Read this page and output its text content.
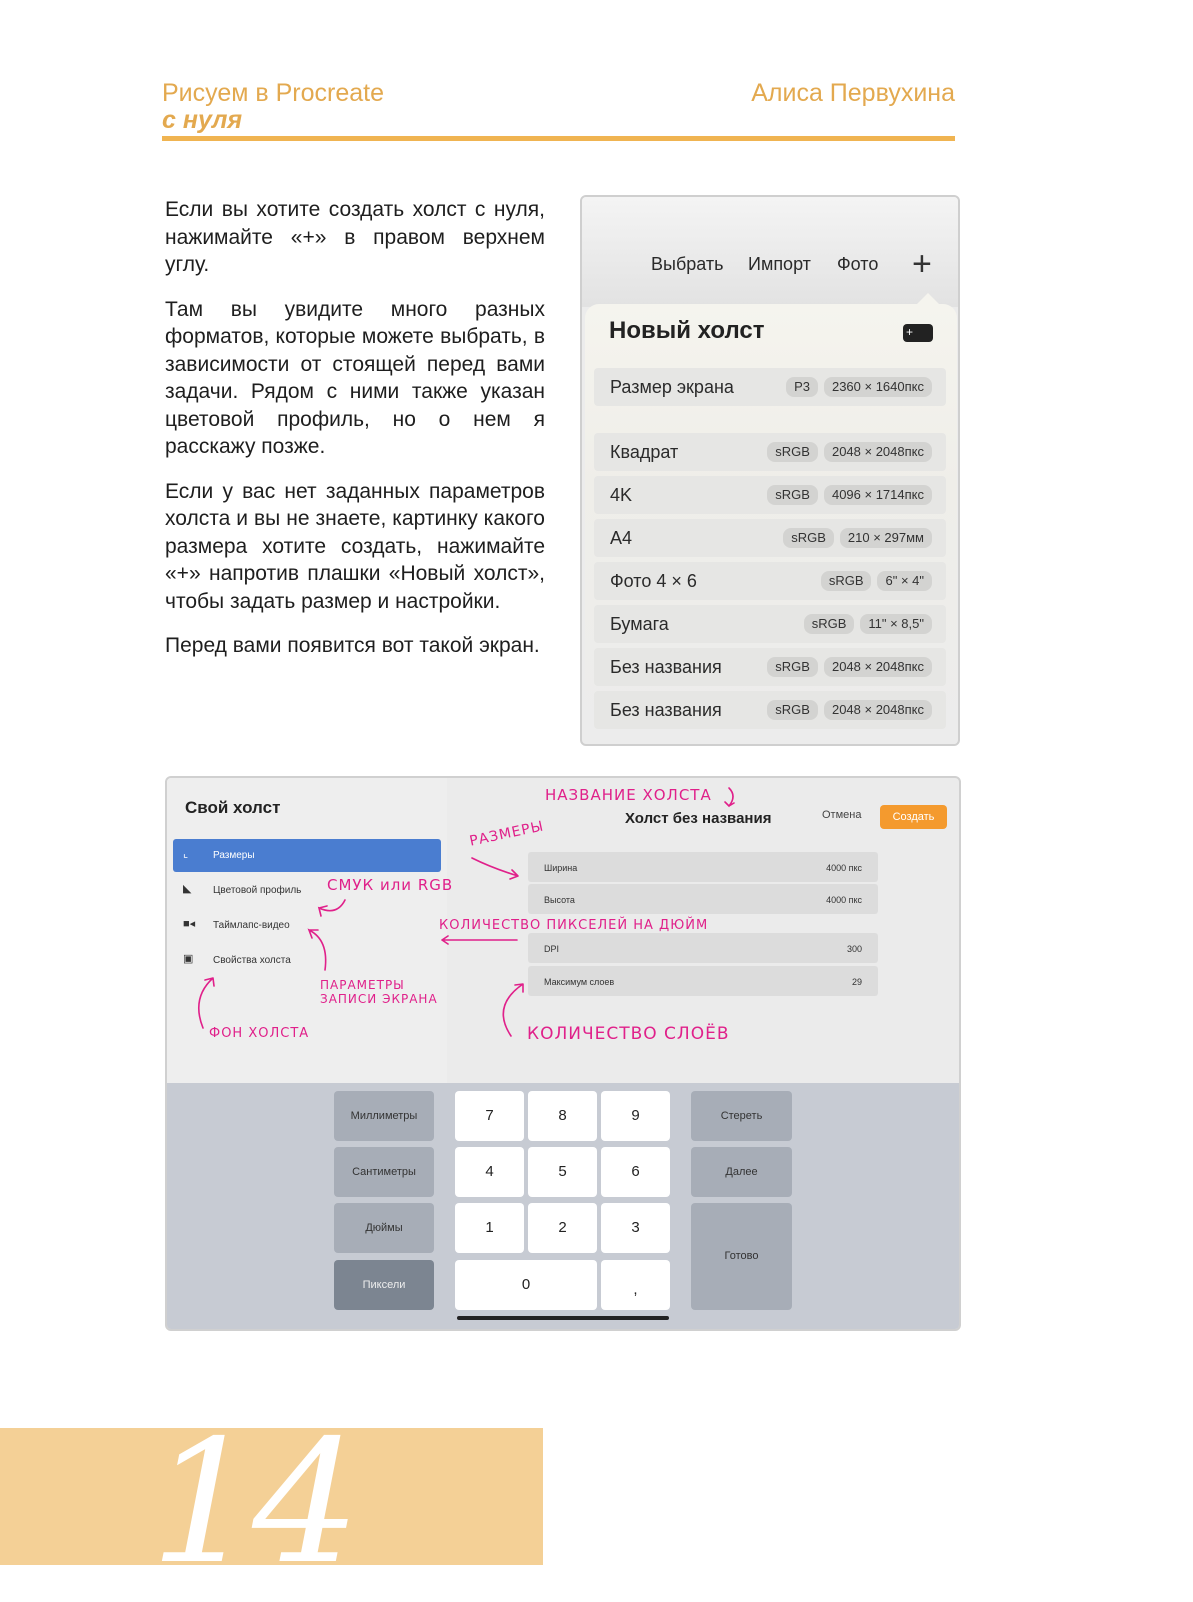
Рисуем в Procreate
с нуля
Алиса Первухина

Если вы хотите создать холст с нуля, нажимайте «+» в правом верхнем углу.

Там вы увидите много разных форматов, которые можете выбрать, в зависимости от стоящей перед вами задачи. Рядом с ними также указан цветовой профиль, но о нем я расскажу позже.

Если у вас нет заданных параметров холста и вы не знаете, картинку какого размера хотите создать, нажимайте «+» напротив плашки «Новый холст», чтобы задать размер и настройки.

Перед вами появится вот такой экран.

Выбрать Импорт Фото +
Новый холст	+
Размер экрана	P3	2360 × 1640пкс
Квадрат	sRGB	2048 × 2048пкс
4K	sRGB	4096 × 1714пкс
A4	sRGB	210 × 297мм
Фото 4 × 6	sRGB	6" × 4"
Бумага	sRGB	11" × 8,5"
Без названия	sRGB	2048 × 2048пкс
Без названия	sRGB	2048 × 2048пкс
Свой холст
⌞	Размеры
◣	Цветовой профиль
■◂ Таймлапс-видео
▣ Свойства холста
Холст без названия	Отмена	Создать
Ширина	4000 пкс
Высота	4000 пкс
DPI	300
Максимум слоев	29
НАЗВАНИЕ ХОЛСТА
РАЗМЕРЫ
СМУК или RGB
КОЛИЧЕСТВО ПИКСЕЛЕЙ НА ДЮЙМ
ПАРАМЕТРЫ
ЗАПИСИ ЭКРАНА
ФОН ХОЛСТА	КОЛИЧЕСТВО СЛОЁВ
Миллиметры
Сантиметры
Дюймы
Пиксели
7	8	9
4	5	6
1	2	3
0	,
Стереть
Далее
Готово
14
